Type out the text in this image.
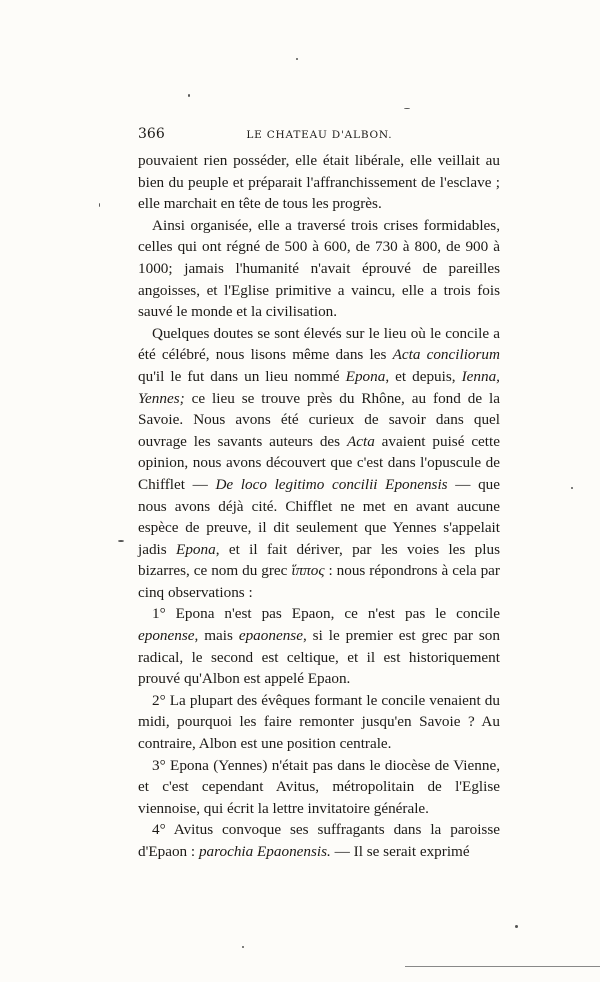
366	LE CHATEAU D'ALBON.

pouvaient rien posséder, elle était libérale, elle veillait au bien du peuple et préparait l'affranchissement de l'esclave ; elle marchait en tête de tous les progrès.

Ainsi organisée, elle a traversé trois crises formidables, celles qui ont régné de 500 à 600, de 730 à 800, de 900 à 1000; jamais l'humanité n'avait éprouvé de pareilles angoisses, et l'Eglise primitive a vaincu, elle a trois fois sauvé le monde et la civilisation.

Quelques doutes se sont élevés sur le lieu où le concile a été célébré, nous lisons même dans les Acta conciliorum qu'il le fut dans un lieu nommé Epona, et depuis, Ienna, Yennes; ce lieu se trouve près du Rhône, au fond de la Savoie. Nous avons été curieux de savoir dans quel ouvrage les savants auteurs des Acta avaient puisé cette opinion, nous avons découvert que c'est dans l'opuscule de Chifflet — De loco legitimo concilii Eponensis — que nous avons déjà cité. Chifflet ne met en avant aucune espèce de preuve, il dit seulement que Yennes s'appelait jadis Epona, et il fait dériver, par les voies les plus bizarres, ce nom du grec ἵππος : nous répondrons à cela par cinq observations :

1° Epona n'est pas Epaon, ce n'est pas le concile eponense, mais epaonense, si le premier est grec par son radical, le second est celtique, et il est historiquement prouvé qu'Albon est appelé Epaon.

2° La plupart des évêques formant le concile venaient du midi, pourquoi les faire remonter jusqu'en Savoie ? Au contraire, Albon est une position centrale.

3° Epona (Yennes) n'était pas dans le diocèse de Vienne, et c'est cependant Avitus, métropolitain de l'Eglise viennoise, qui écrit la lettre invitatoire générale.

4° Avitus convoque ses suffragants dans la paroisse d'Epaon : parochia Epaonensis. — Il se serait exprimé
